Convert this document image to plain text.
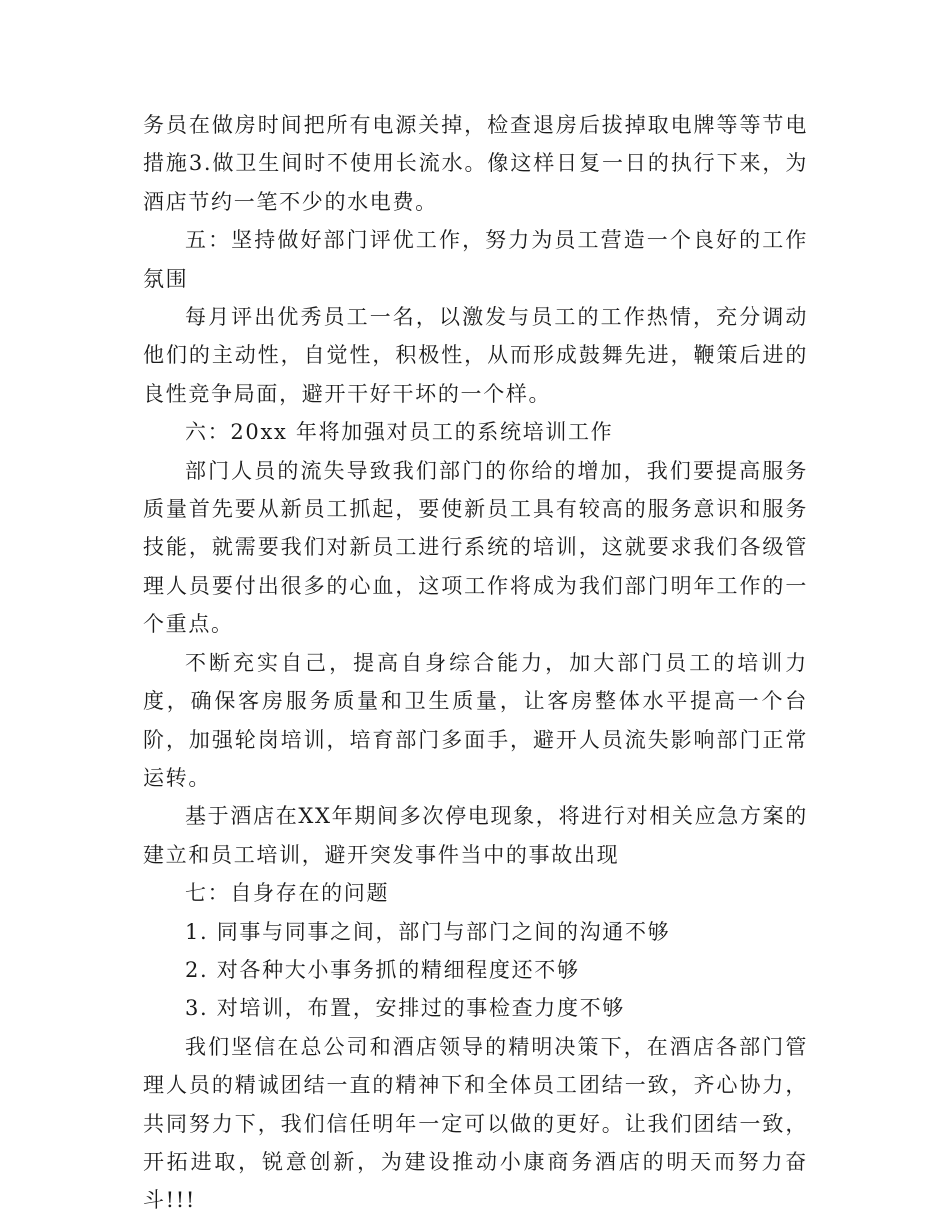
务员在做房时间把所有电源关掉，检查退房后拔掉取电牌等等节电措施3.做卫生间时不使用长流水。像这样日复一日的执行下来，为酒店节约一笔不少的水电费。

五：坚持做好部门评优工作，努力为员工营造一个良好的工作氛围

每月评出优秀员工一名，以激发与员工的工作热情，充分调动他们的主动性，自觉性，积极性，从而形成鼓舞先进，鞭策后进的良性竞争局面，避开干好干坏的一个样。

六：20xx 年将加强对员工的系统培训工作

部门人员的流失导致我们部门的你给的增加，我们要提高服务质量首先要从新员工抓起，要使新员工具有较高的服务意识和服务技能，就需要我们对新员工进行系统的培训，这就要求我们各级管理人员要付出很多的心血，这项工作将成为我们部门明年工作的一个重点。

不断充实自己，提高自身综合能力，加大部门员工的培训力度，确保客房服务质量和卫生质量，让客房整体水平提高一个台阶，加强轮岗培训，培育部门多面手，避开人员流失影响部门正常运转。

基于酒店在XX年期间多次停电现象，将进行对相关应急方案的建立和员工培训，避开突发事件当中的事故出现

七：自身存在的问题

1. 同事与同事之间，部门与部门之间的沟通不够

2. 对各种大小事务抓的精细程度还不够

3. 对培训，布置，安排过的事检查力度不够

我们坚信在总公司和酒店领导的精明决策下，在酒店各部门管理人员的精诚团结一直的精神下和全体员工团结一致，齐心协力，共同努力下，我们信任明年一定可以做的更好。让我们团结一致，开拓进取，锐意创新，为建设推动小康商务酒店的明天而努力奋斗!!!
